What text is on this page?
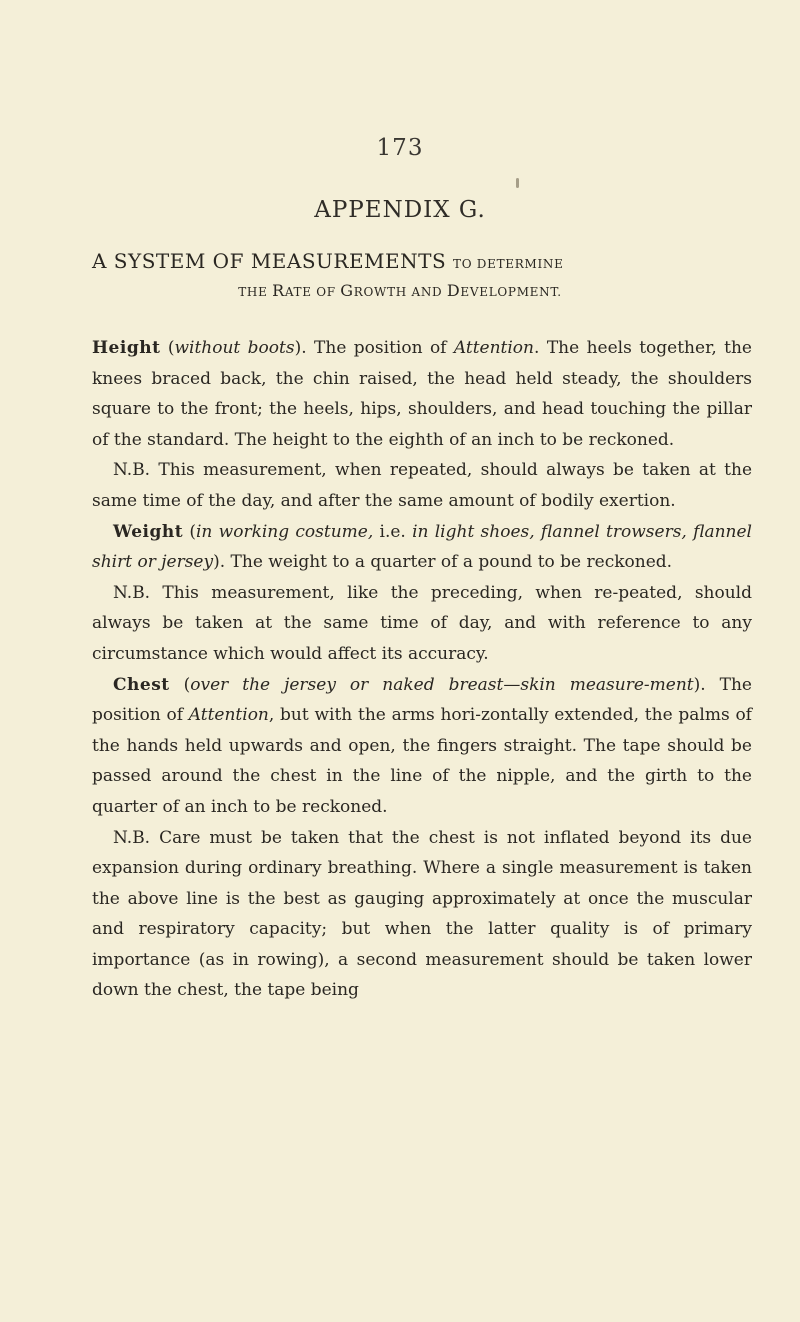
173
APPENDIX G.
A SYSTEM OF MEASUREMENTS TO DETERMINE
THE RATE OF GROWTH AND DEVELOPMENT.

Height (without boots). The position of Attention. The heels together, the knees braced back, the chin raised, the head held steady, the shoulders square to the front; the heels, hips, shoulders, and head touching the pillar of the standard. The height to the eighth of an inch to be reckoned.

N.B. This measurement, when repeated, should always be taken at the same time of the day, and after the same amount of bodily exertion.

Weight (in working costume, i.e. in light shoes, flannel trowsers, flannel shirt or jersey). The weight to a quarter of a pound to be reckoned.

N.B. This measurement, like the preceding, when re-peated, should always be taken at the same time of day, and with reference to any circumstance which would affect its accuracy.

Chest (over the jersey or naked breast—skin measure-ment). The position of Attention, but with the arms hori-zontally extended, the palms of the hands held upwards and open, the fingers straight. The tape should be passed around the chest in the line of the nipple, and the girth to the quarter of an inch to be reckoned.

N.B. Care must be taken that the chest is not inflated beyond its due expansion during ordinary breathing. Where a single measurement is taken the above line is the best as gauging approximately at once the muscular and respiratory capacity; but when the latter quality is of primary importance (as in rowing), a second measurement should be taken lower down the chest, the tape being
